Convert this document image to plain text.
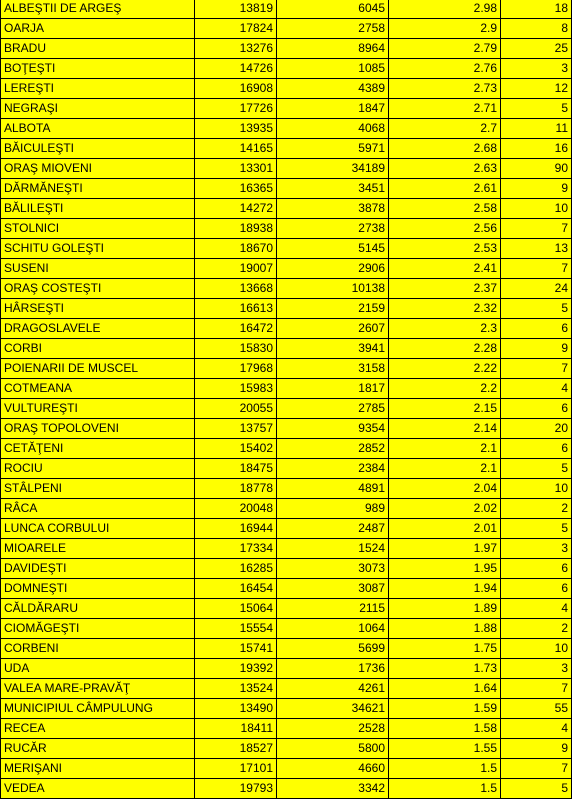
ALBEŞTII DE ARGEŞ	13819	6045	2.98	18
OARJA	17824	2758	2.9	8
BRADU	13276	8964	2.79	25
BOŢEŞTI	14726	1085	2.76	3
LEREŞTI	16908	4389	2.73	12
NEGRAŞI	17726	1847	2.71	5
ALBOTA	13935	4068	2.7	11
BĂICULEŞTI	14165	5971	2.68	16
ORAŞ MIOVENI	13301	34189	2.63	90
DĂRMĂNEŞTI	16365	3451	2.61	9
BĂLILEŞTI	14272	3878	2.58	10
STOLNICI	18938	2738	2.56	7
SCHITU GOLEŞTI	18670	5145	2.53	13
SUSENI	19007	2906	2.41	7
ORAŞ COSTEŞTI	13668	10138	2.37	24
HÂRSEŞTI	16613	2159	2.32	5
DRAGOSLAVELE	16472	2607	2.3	6
CORBI	15830	3941	2.28	9
POIENARII DE MUSCEL	17968	3158	2.22	7
COTMEANA	15983	1817	2.2	4
VULTUREŞTI	20055	2785	2.15	6
ORAŞ TOPOLOVENI	13757	9354	2.14	20
CETĂŢENI	15402	2852	2.1	6
ROCIU	18475	2384	2.1	5
STÂLPENI	18778	4891	2.04	10
RÂCA	20048	989	2.02	2
LUNCA CORBULUI	16944	2487	2.01	5
MIOARELE	17334	1524	1.97	3
DAVIDEŞTI	16285	3073	1.95	6
DOMNEŞTI	16454	3087	1.94	6
CĂLDĂRARU	15064	2115	1.89	4
CIOMĂGEŞTI	15554	1064	1.88	2
CORBENI	15741	5699	1.75	10
UDA	19392	1736	1.73	3
VALEA MARE-PRAVĂŢ	13524	4261	1.64	7
MUNICIPIUL CÂMPULUNG	13490	34621	1.59	55
RECEA	18411	2528	1.58	4
RUCĂR	18527	5800	1.55	9
MERIŞANI	17101	4660	1.5	7
VEDEA	19793	3342	1.5	5
